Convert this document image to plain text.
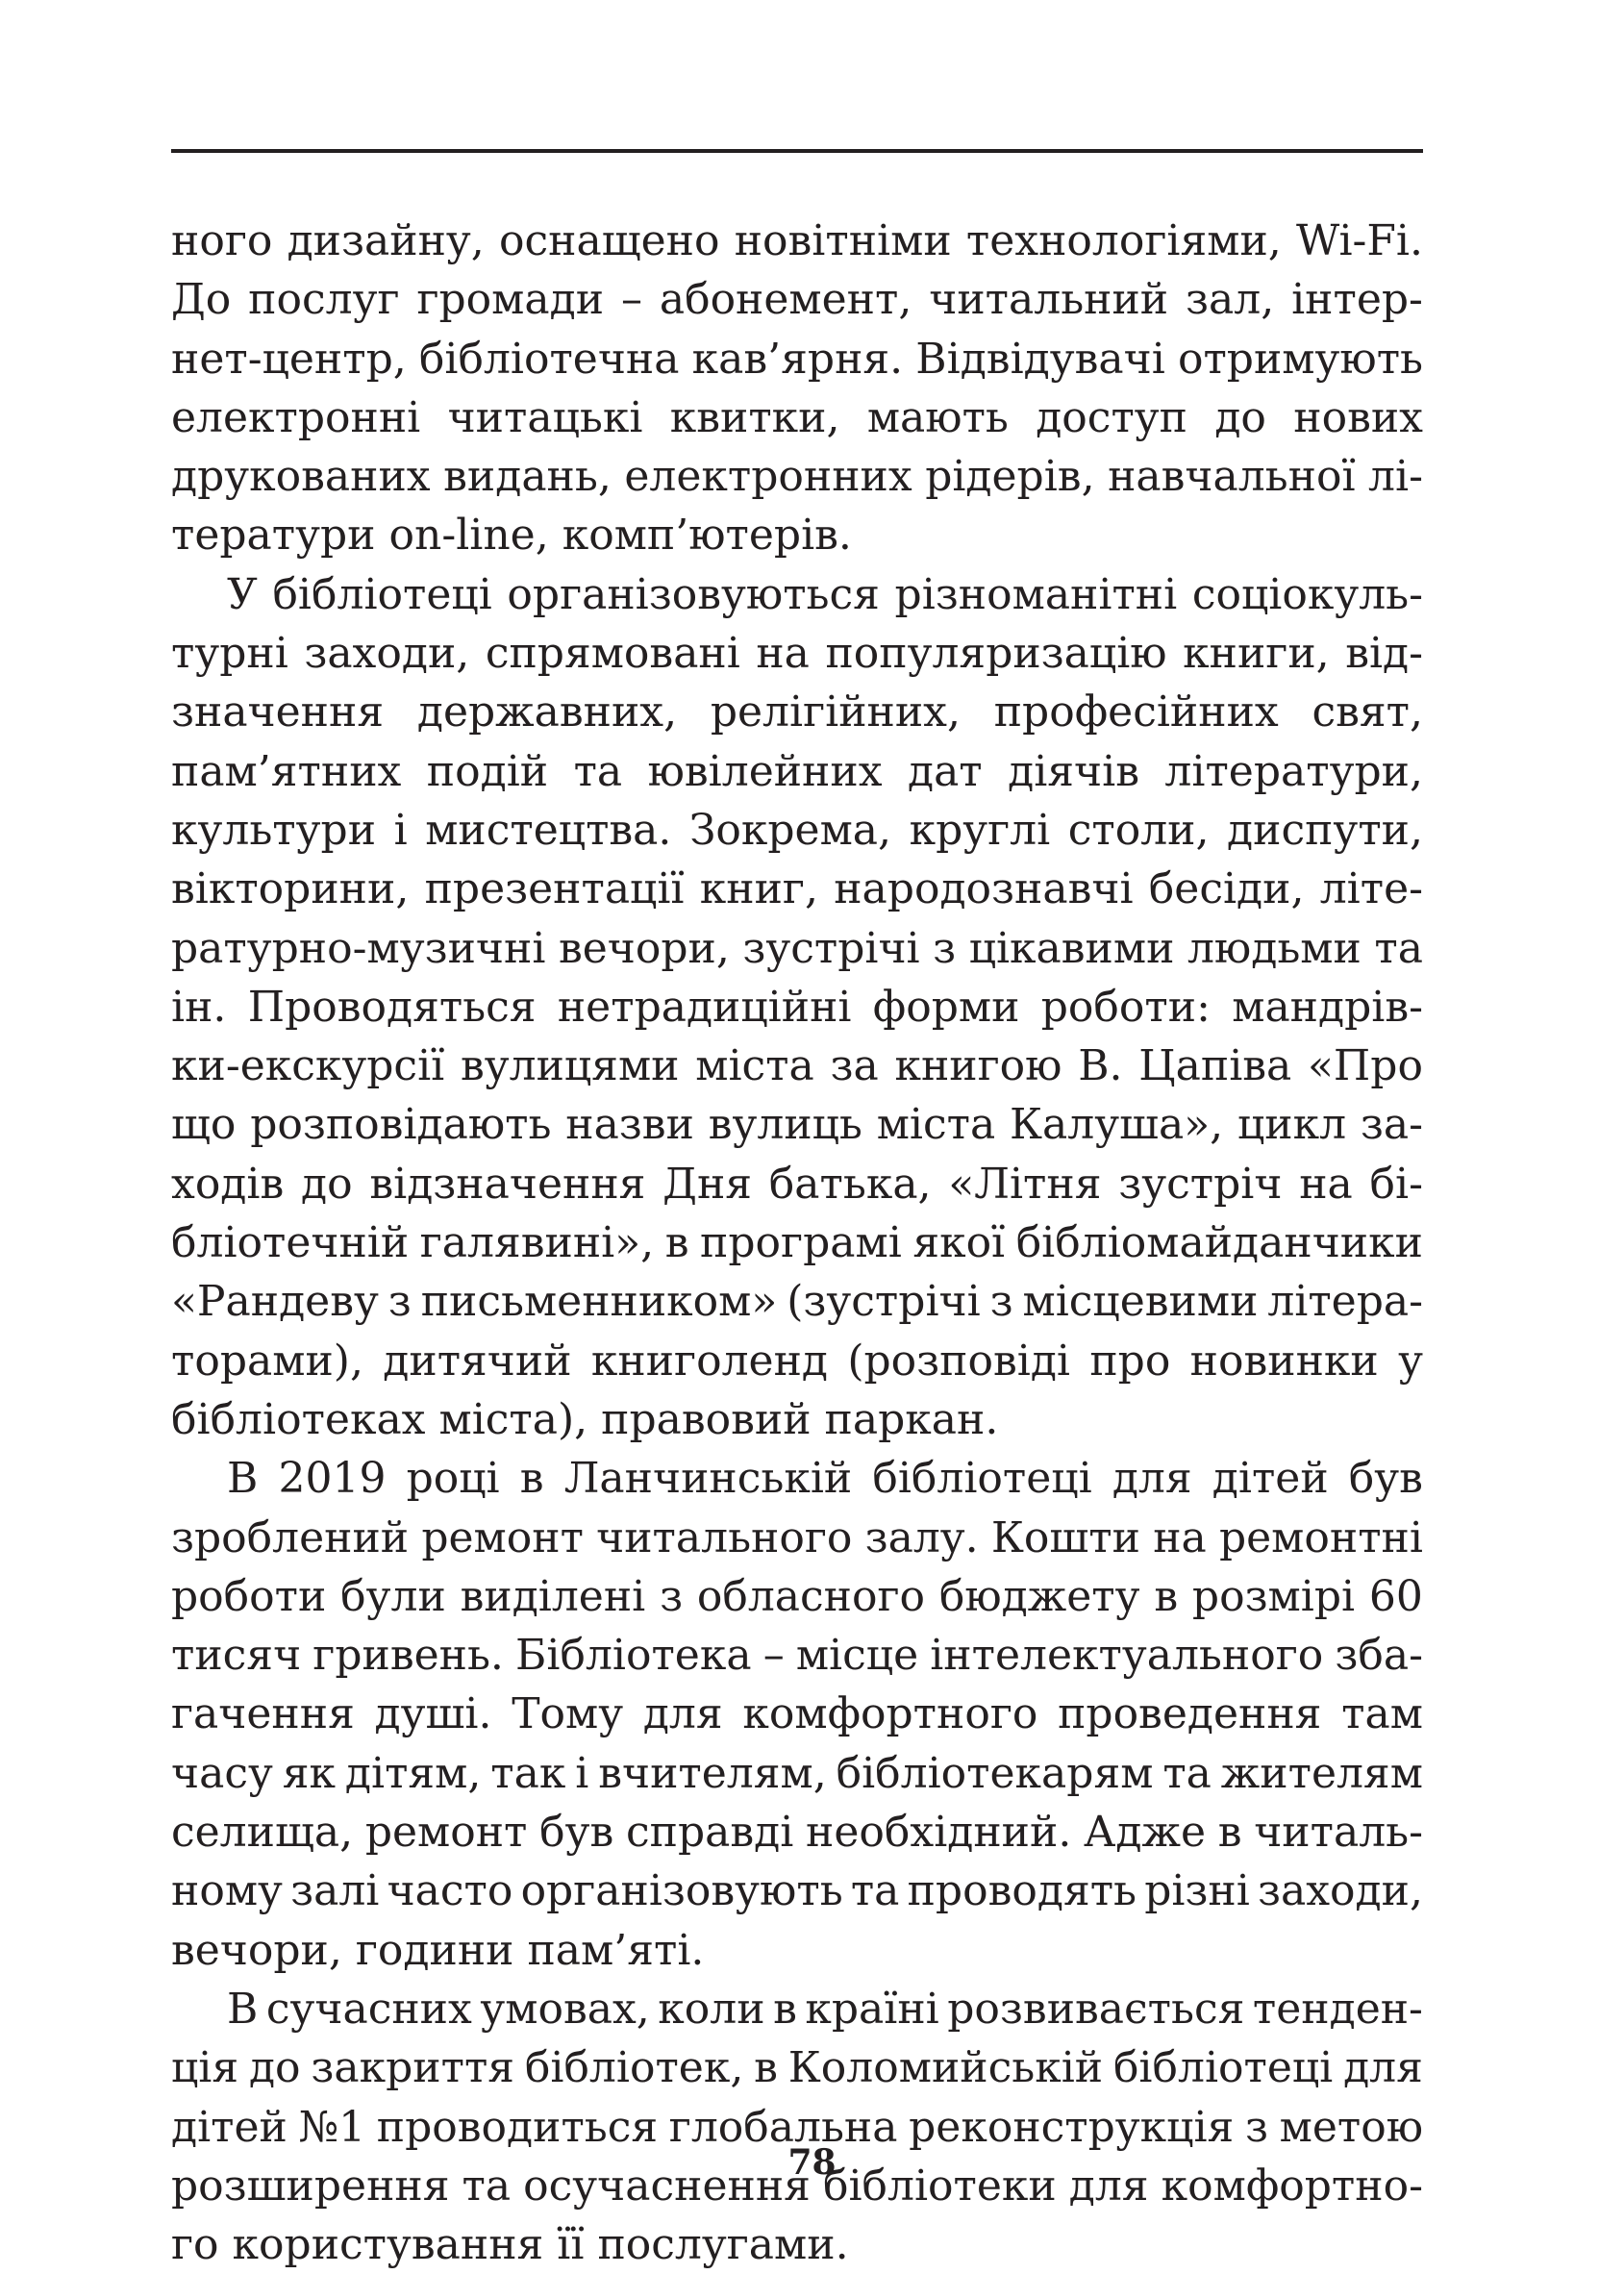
ного дизайну, оснащено новітніми технологіями, Wi-Fi.
До послуг громади – абонемент, читальний зал, інтер-
нет-центр, бібліотечна кав’ярня. Відвідувачі отримують
електронні читацькі квитки, мають доступ до нових
друкованих видань, електронних рідерів, навчальної лі-
тератури on-line, комп’ютерів.
У бібліотеці організовуються різноманітні соціокуль-
турні заходи, спрямовані на популяризацію книги, від-
значення державних, релігійних, професійних свят,
пам’ятних подій та ювілейних дат діячів літератури,
культури і мистецтва. Зокрема, круглі столи, диспути,
вікторини, презентації книг, народознавчі бесіди, літе-
ратурно-музичні вечори, зустрічі з цікавими людьми та
ін. Проводяться нетрадиційні форми роботи: мандрів-
ки-екскурсії вулицями міста за книгою В. Цапіва «Про
що розповідають назви вулиць міста Калуша», цикл за-
ходів до відзначення Дня батька, «Літня зустріч на бі-
бліотечній галявині», в програмі якої бібліомайданчики
«Рандеву з письменником» (зустрічі з місцевими літера-
торами), дитячий книголенд (розповіді про новинки у
бібліотеках міста), правовий паркан.
В 2019 році в Ланчинській бібліотеці для дітей був
зроблений ремонт читального залу. Кошти на ремонтні
роботи були виділені з обласного бюджету в розмірі 60
тисяч гривень. Бібліотека – місце інтелектуального зба-
гачення душі. Тому для комфортного проведення там
часу як дітям, так і вчителям, бібліотекарям та жителям
селища, ремонт був справді необхідний. Адже в читаль-
ному залі часто організовують та проводять різні заходи,
вечори, години пам’яті.
В сучасних умовах, коли в країні розвивається тенден-
ція до закриття бібліотек, в Коломийській бібліотеці для
дітей №1 проводиться глобальна реконструкція з метою
розширення та осучаснення бібліотеки для комфортно-
го користування її послугами.
78
